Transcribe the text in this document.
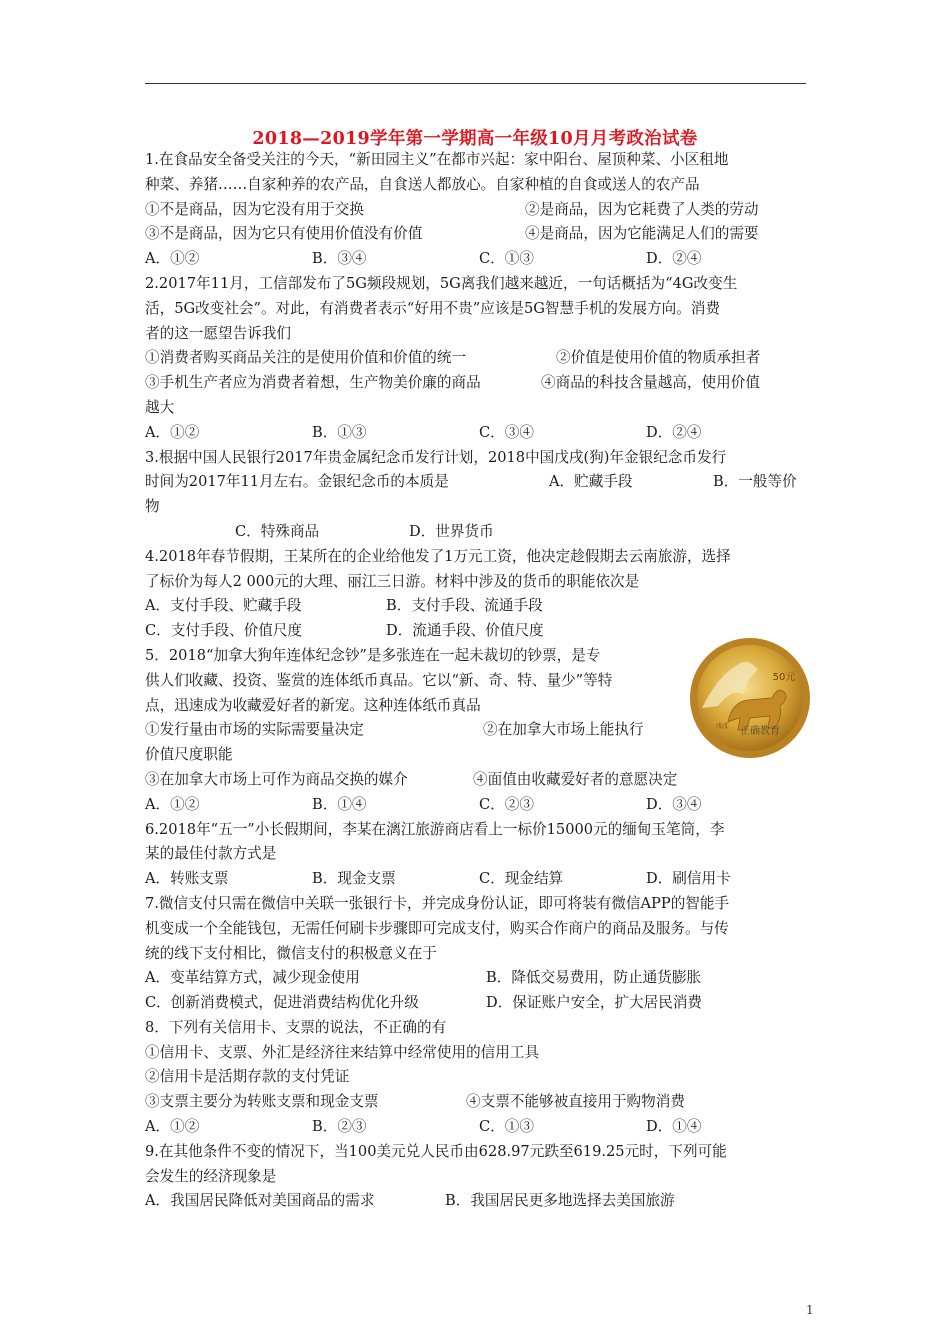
2018—2019学年第一学期高一年级10月月考政治试卷
1.在食品安全备受关注的今天，“新田园主义”在都市兴起：家中阳台、屋顶种菜、小区租地
种菜、养猪……自家种养的农产品，自食送人都放心。自家种植的自食或送人的农产品
①不是商品，因为它没有用于交换	②是商品，因为它耗费了人类的劳动
③不是商品，因为它只有使用价值没有价值	④是商品，因为它能满足人们的需要
A．①②	B．③④	C．①③	D．②④
2.2017年11月，工信部发布了5G频段规划，5G离我们越来越近，一句话概括为“4G改变生
活，5G改变社会”。对此，有消费者表示“好用不贵”应该是5G智慧手机的发展方向。消费
者的这一愿望告诉我们
①消费者购买商品关注的是使用价值和价值的统一	②价值是使用价值的物质承担者
③手机生产者应为消费者着想，生产物美价廉的商品	④商品的科技含量越高，使用价值
越大
A．①②	B．①③	C．③④	D．②④
3.根据中国人民银行2017年贵金属纪念币发行计划，2018中国戊戌(狗)年金银纪念币发行
时间为2017年11月左右。金银纪念币的本质是	A．贮藏手段	B．一般等价
物
C．特殊商品	D．世界货币
4.2018年春节假期，王某所在的企业给他发了1万元工资，他决定趁假期去云南旅游，选择
了标价为每人2 000元的大理、丽江三日游。材料中涉及的货币的职能依次是
A．支付手段、贮藏手段	B．支付手段、流通手段
C．支付手段、价值尺度	D．流通手段、价值尺度
5．2018“加拿大狗年连体纪念钞”是多张连在一起未裁切的钞票，是专
供人们收藏、投资、鉴赏的连体纸币真品。它以“新、奇、特、量少”等特
点，迅速成为收藏爱好者的新宠。这种连体纸币真品
①发行量由市场的实际需要量决定	②在加拿大市场上能执行
价值尺度职能
③在加拿大市场上可作为商品交换的媒介	④面值由收藏爱好者的意愿决定
A．①②	B．①④	C．②③	D．③④
6.2018年“五一”小长假期间，李某在漓江旅游商店看上一标价15000元的缅甸玉笔筒，李
某的最佳付款方式是
A．转账支票	B．现金支票	C．现金结算	D．刷信用卡
7.微信支付只需在微信中关联一张银行卡，并完成身份认证，即可将装有微信APP的智能手
机变成一个全能钱包，无需任何刷卡步骤即可完成支付，购买合作商户的商品及服务。与传
统的线下支付相比，微信支付的积极意义在于
A．变革结算方式，减少现金使用	B．降低交易费用，防止通货膨胀
C．创新消费模式，促进消费结构优化升级	D．保证账户安全，扩大居民消费
8．下列有关信用卡、支票的说法，不正确的有
①信用卡、支票、外汇是经济往来结算中经常使用的信用工具
②信用卡是活期存款的支付凭证
③支票主要分为转账支票和现金支票	④支票不能够被直接用于购物消费
A．①②	B．②③	C．①③	D．①④
9.在其他条件不变的情况下，当100美元兑人民币由628.97元跌至619.25元时，下列可能
会发生的经济现象是
A．我国居民降低对美国商品的需求	B．我国居民更多地选择去美国旅游
50元
戊戌 正确教育
1
